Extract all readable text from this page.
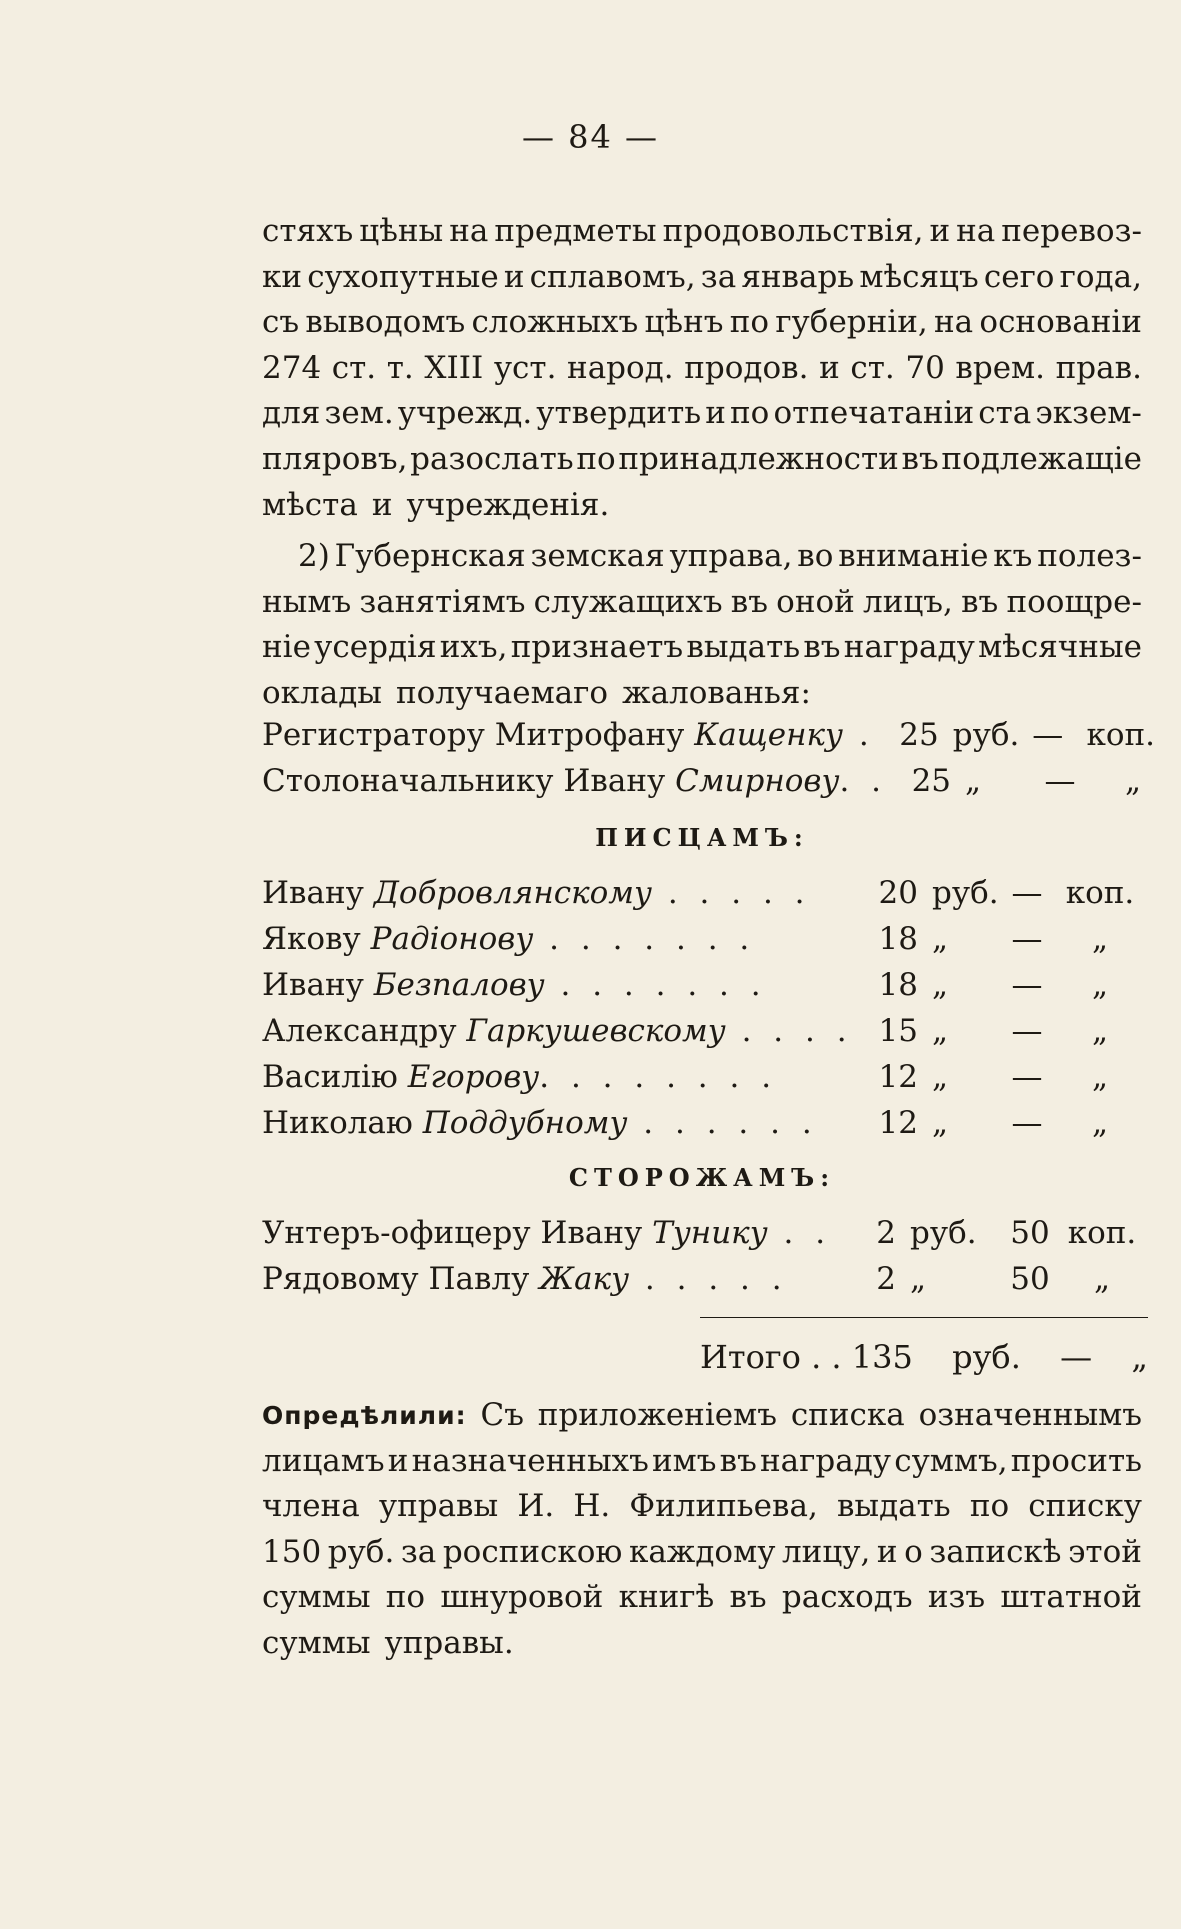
— 84 —
стяхъ цѣны на предметы продовольствія, и на перевоз-
ки сухопутные и сплавомъ, за январь мѣсяцъ сего года,
съ выводомъ сложныхъ цѣнъ по губерніи, на основаніи
274 ст. т. XIII уст. народ. продов. и ст. 70 врем. прав.
для зем. учрежд. утвердить и по отпечатаніи ста экзем-
пляровъ, разослать по принадлежности въ подлежащіе
мѣста и учрежденія.
2) Губернская земская управа, во вниманіе къ полез-
нымъ занятіямъ служащихъ въ оной лицъ, въ поощре-
ніе усердія ихъ, признаетъ выдать въ награду мѣсячные
оклады получаемаго жалованья:
Регистратору Митрофану Кащенку . 25 руб. — коп.
Столоначальнику Ивану Смирнову. . 25 „	—	„
ПИСЦАМЪ:
Ивану Добровлянскому . . . . .	20 руб. — коп.
Якову Радіонову . . . . . . .	18 „	—	„
Ивану Безпалову . . . . . . .	18 „	—	„
Александру Гаркушевскому . . . . 15 „	—	„
Василію Егорову. . . . . . . .	12 „	—	„
Николаю Поддубному . . . . . .	12 „	—	„
СТОРОЖАМЪ:
Унтеръ-офицеру Ивану Тунику . .	2 руб.	50 коп.
Рядовому Павлу Жаку . . . . .	2 „	50	„
Итого . . 135 руб. — „
Опредѣлили: Съ приложеніемъ списка означеннымъ
лицамъ и назначенныхъ имъ въ награду суммъ, просить
члена управы И. Н. Филипьева, выдать по списку
150 руб. за роспискою каждому лицу, и о запискѣ этой
суммы по шнуровой книгѣ въ расходъ изъ штатной
суммы управы.
